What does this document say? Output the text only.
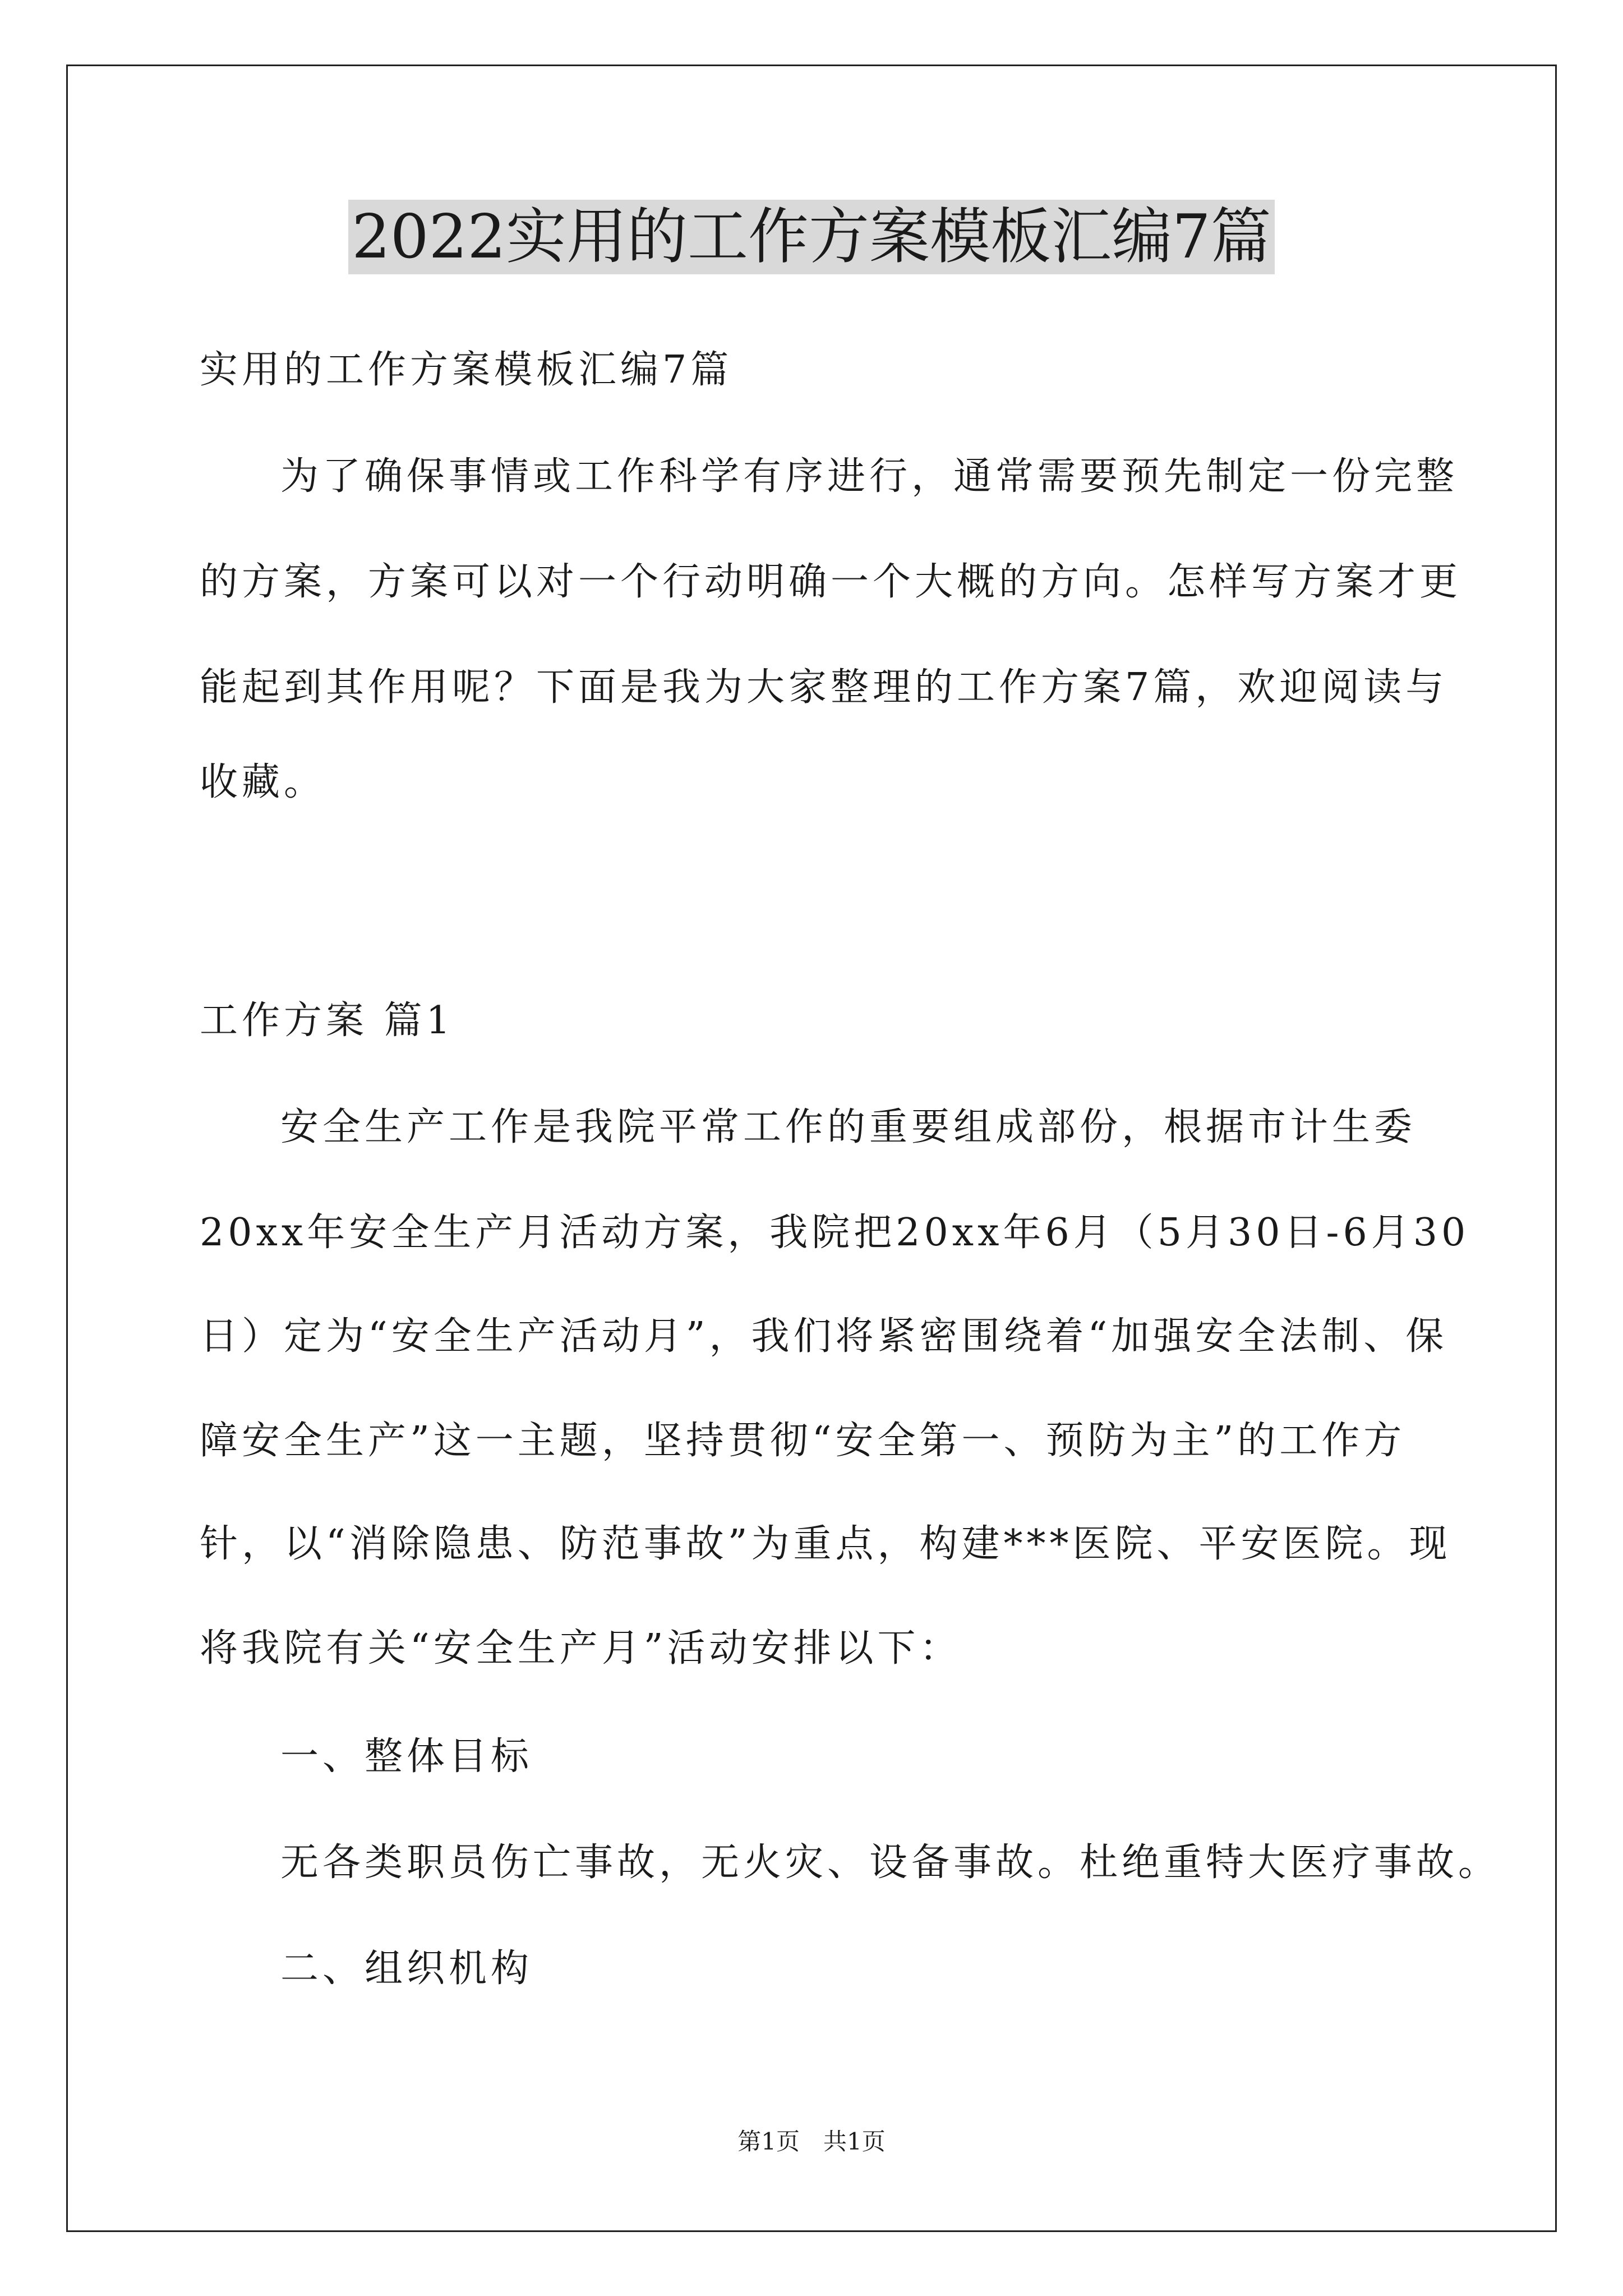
2022实用的工作方案模板汇编7篇
实用的工作方案模板汇编7篇
为了确保事情或工作科学有序进行，通常需要预先制定一份完整
的方案，方案可以对一个行动明确一个大概的方向。怎样写方案才更
能起到其作用呢？下面是我为大家整理的工作方案7篇，欢迎阅读与
收藏。
工作方案 篇1
安全生产工作是我院平常工作的重要组成部份，根据市计生委
20xx年安全生产月活动方案，我院把20xx年6月（5月30日-6月30
日）定为“安全生产活动月”，我们将紧密围绕着“加强安全法制、保
障安全生产”这一主题，坚持贯彻“安全第一、预防为主”的工作方
针，以“消除隐患、防范事故”为重点，构建***医院、平安医院。现
将我院有关“安全生产月”活动安排以下：
一、整体目标
无各类职员伤亡事故，无火灾、设备事故。杜绝重特大医疗事故。
二、组织机构
第1页　共1页
